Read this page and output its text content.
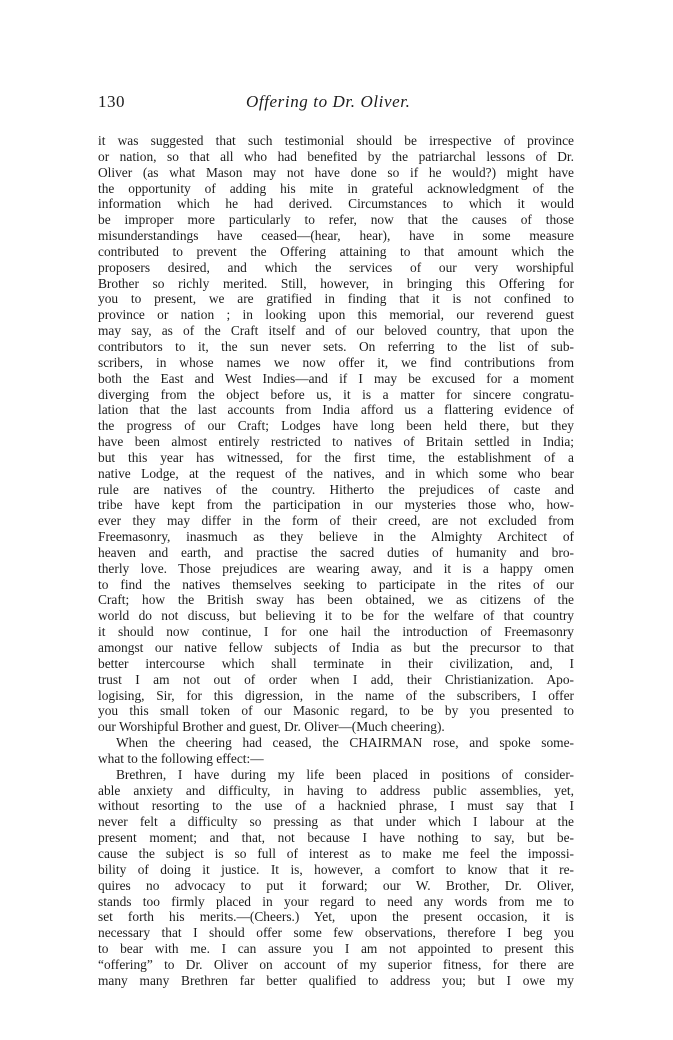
130	Offering to Dr. Oliver.
it was suggested that such testimonial should be irrespective of province
or nation, so that all who had benefited by the patriarchal lessons of Dr.
Oliver (as what Mason may not have done so if he would?) might have
the opportunity of adding his mite in grateful acknowledgment of the
information which he had derived. Circumstances to which it would
be improper more particularly to refer, now that the causes of those
misunderstandings have ceased—(hear, hear), have in some measure
contributed to prevent the Offering attaining to that amount which the
proposers desired, and which the services of our very worshipful
Brother so richly merited. Still, however, in bringing this Offering for
you to present, we are gratified in finding that it is not confined to
province or nation ; in looking upon this memorial, our reverend guest
may say, as of the Craft itself and of our beloved country, that upon the
contributors to it, the sun never sets. On referring to the list of sub-
scribers, in whose names we now offer it, we find contributions from
both the East and West Indies—and if I may be excused for a moment
diverging from the object before us, it is a matter for sincere congratu-
lation that the last accounts from India afford us a flattering evidence of
the progress of our Craft; Lodges have long been held there, but they
have been almost entirely restricted to natives of Britain settled in India;
but this year has witnessed, for the first time, the establishment of a
native Lodge, at the request of the natives, and in which some who bear
rule are natives of the country. Hitherto the prejudices of caste and
tribe have kept from the participation in our mysteries those who, how-
ever they may differ in the form of their creed, are not excluded from
Freemasonry, inasmuch as they believe in the Almighty Architect of
heaven and earth, and practise the sacred duties of humanity and bro-
therly love. Those prejudices are wearing away, and it is a happy omen
to find the natives themselves seeking to participate in the rites of our
Craft; how the British sway has been obtained, we as citizens of the
world do not discuss, but believing it to be for the welfare of that country
it should now continue, I for one hail the introduction of Freemasonry
amongst our native fellow subjects of India as but the precursor to that
better intercourse which shall terminate in their civilization, and, I
trust I am not out of order when I add, their Christianization. Apo-
logising, Sir, for this digression, in the name of the subscribers, I offer
you this small token of our Masonic regard, to be by you presented to
our Worshipful Brother and guest, Dr. Oliver—(Much cheering).
When the cheering had ceased, the CHAIRMAN rose, and spoke some-
what to the following effect:—
Brethren, I have during my life been placed in positions of consider-
able anxiety and difficulty, in having to address public assemblies, yet,
without resorting to the use of a hacknied phrase, I must say that I
never felt a difficulty so pressing as that under which I labour at the
present moment; and that, not because I have nothing to say, but be-
cause the subject is so full of interest as to make me feel the impossi-
bility of doing it justice. It is, however, a comfort to know that it re-
quires no advocacy to put it forward; our W. Brother, Dr. Oliver,
stands too firmly placed in your regard to need any words from me to
set forth his merits.—(Cheers.) Yet, upon the present occasion, it is
necessary that I should offer some few observations, therefore I beg you
to bear with me. I can assure you I am not appointed to present this
“offering” to Dr. Oliver on account of my superior fitness, for there are
many many Brethren far better qualified to address you; but I owe my
